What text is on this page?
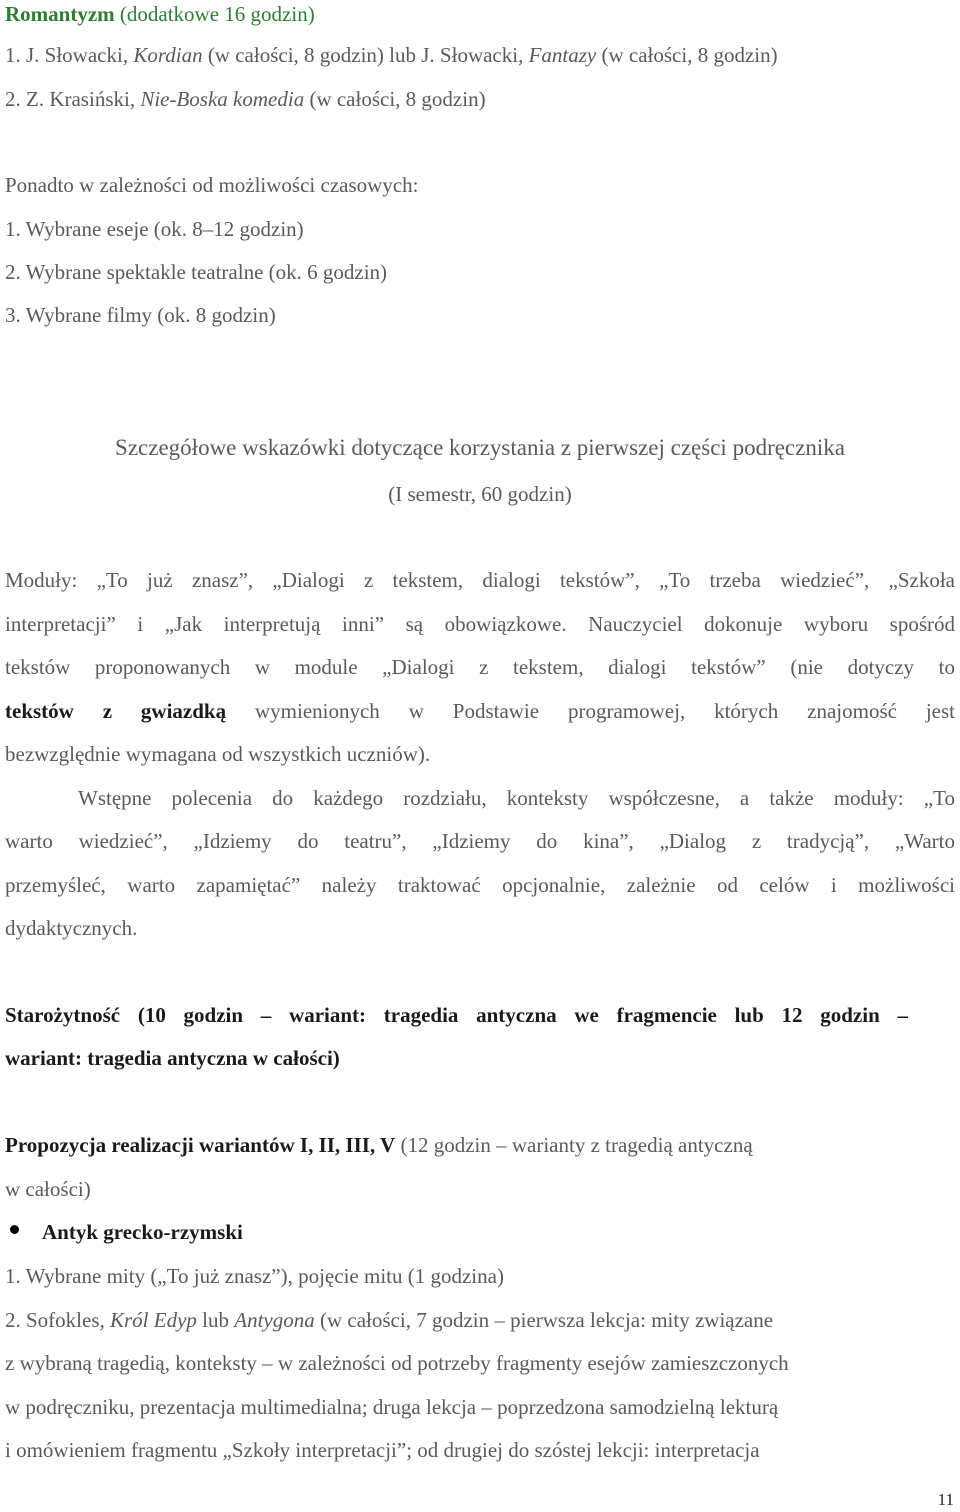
Romantyzm (dodatkowe 16 godzin)
1. J. Słowacki, Kordian (w całości, 8 godzin) lub J. Słowacki, Fantazy (w całości, 8 godzin)
2. Z. Krasiński, Nie-Boska komedia (w całości, 8 godzin)
Ponadto w zależności od możliwości czasowych:
1. Wybrane eseje (ok. 8–12 godzin)
2. Wybrane spektakle teatralne (ok. 6 godzin)
3. Wybrane filmy (ok. 8 godzin)
Szczegółowe wskazówki dotyczące korzystania z pierwszej części podręcznika
(I semestr, 60 godzin)
Moduły: „To już znasz”, „Dialogi z tekstem, dialogi tekstów”, „To trzeba wiedzieć”, „Szkoła
interpretacji” i „Jak interpretują inni” są obowiązkowe. Nauczyciel dokonuje wyboru spośród
tekstów proponowanych w module „Dialogi z tekstem, dialogi tekstów” (nie dotyczy to
tekstów z gwiazdką wymienionych w Podstawie programowej, których znajomość jest
bezwzględnie wymagana od wszystkich uczniów).
Wstępne polecenia do każdego rozdziału, konteksty współczesne, a także moduły: „To
warto wiedzieć”, „Idziemy do teatru”, „Idziemy do kina”, „Dialog z tradycją”, „Warto
przemyśleć, warto zapamiętać” należy traktować opcjonalnie, zależnie od celów i możliwości
dydaktycznych.
Starożytność (10 godzin – wariant: tragedia antyczna we fragmencie lub 12 godzin –
wariant: tragedia antyczna w całości)
Propozycja realizacji wariantów I, II, III, V (12 godzin – warianty z tragedią antyczną
w całości)
Antyk grecko-rzymski
1. Wybrane mity („To już znasz”), pojęcie mitu (1 godzina)
2. Sofokles, Król Edyp lub Antygona (w całości, 7 godzin – pierwsza lekcja: mity związane
z wybraną tragedią, konteksty – w zależności od potrzeby fragmenty esejów zamieszczonych
w podręczniku, prezentacja multimedialna; druga lekcja – poprzedzona samodzielną lekturą
i omówieniem fragmentu „Szkoły interpretacji”; od drugiej do szóstej lekcji: interpretacja
11
